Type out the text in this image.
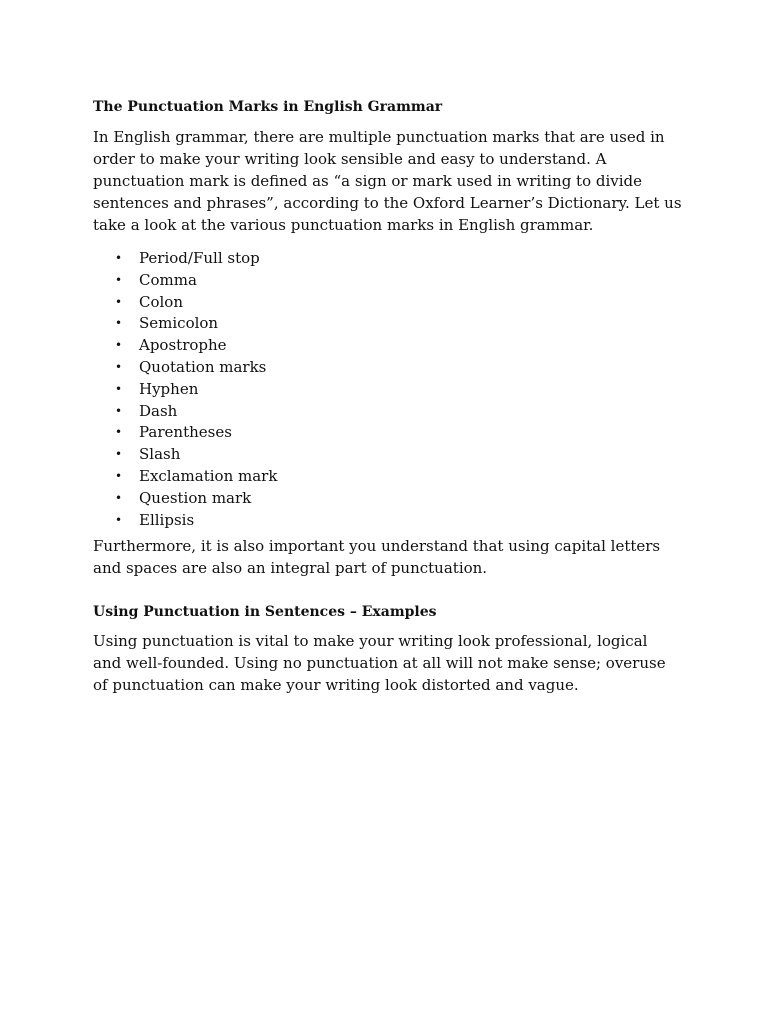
The Punctuation Marks in English Grammar

In English grammar, there are multiple punctuation marks that are used in
order to make your writing look sensible and easy to understand. A
punctuation mark is defined as “a sign or mark used in writing to divide
sentences and phrases”, according to the Oxford Learner’s Dictionary. Let us
take a look at the various punctuation marks in English grammar.

• Period/Full stop
• Comma
• Colon
• Semicolon
• Apostrophe
• Quotation marks
• Hyphen
• Dash
• Parentheses
• Slash
• Exclamation mark
• Question mark
• Ellipsis

Furthermore, it is also important you understand that using capital letters
and spaces are also an integral part of punctuation.

Using Punctuation in Sentences – Examples

Using punctuation is vital to make your writing look professional, logical
and well-founded. Using no punctuation at all will not make sense; overuse
of punctuation can make your writing look distorted and vague.
